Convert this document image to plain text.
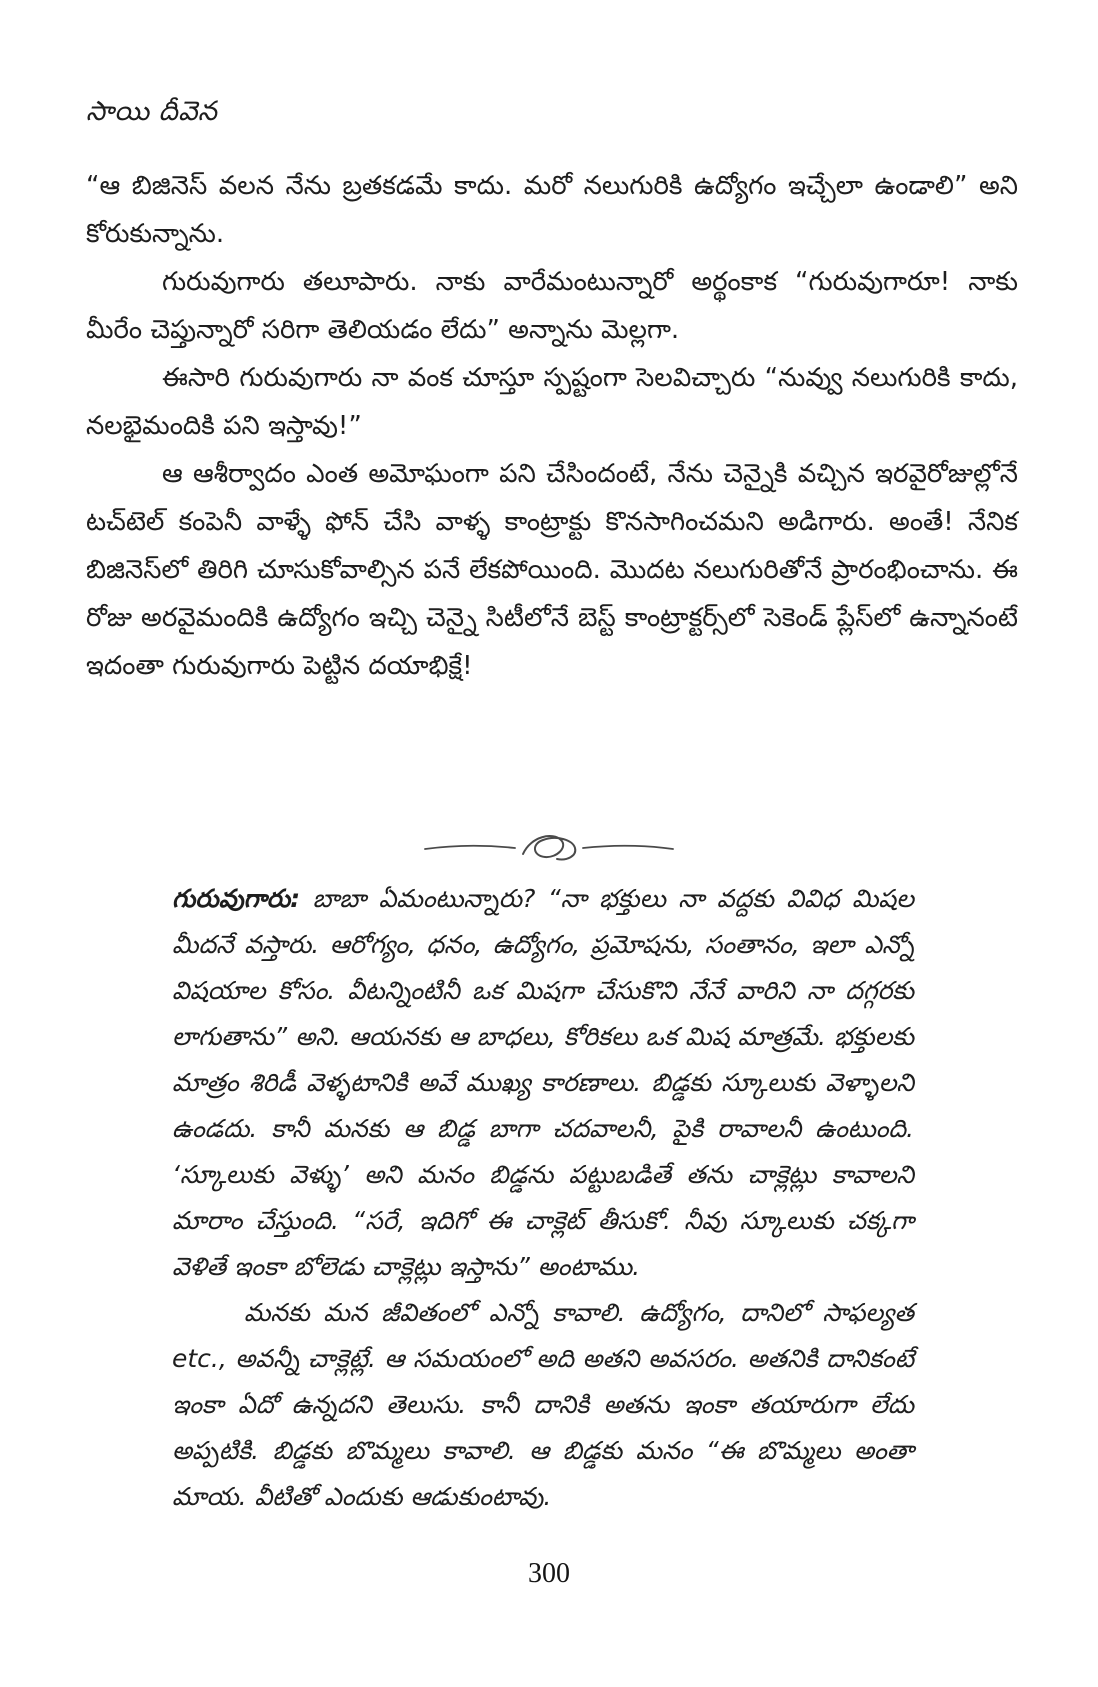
సాయి దీవెన

“ఆ బిజినెస్ వలన నేను బ్రతకడమే కాదు. మరో నలుగురికి ఉద్యోగం ఇచ్చేలా ఉండాలి” అని కోరుకున్నాను.

గురువుగారు తలూపారు. నాకు వారేమంటున్నారో అర్థంకాక “గురువుగారూ! నాకు మీరేం చెప్తున్నారో సరిగా తెలియడం లేదు” అన్నాను మెల్లగా.

ఈసారి గురువుగారు నా వంక చూస్తూ స్పష్టంగా సెలవిచ్చారు “నువ్వు నలుగురికి కాదు, నలభైమందికి పని ఇస్తావు!”

ఆ ఆశీర్వాదం ఎంత అమోఘంగా పని చేసిందంటే, నేను చెన్నైకి వచ్చిన ఇరవైరోజుల్లోనే టచ్‌టెల్ కంపెనీ వాళ్ళే ఫోన్ చేసి వాళ్ళ కాంట్రాక్టు కొనసాగించమని అడిగారు. అంతే! నేనిక బిజినెస్‌లో తిరిగి చూసుకోవాల్సిన పనే లేకపోయింది. మొదట నలుగురితోనే ప్రారంభించాను. ఈ రోజు అరవైమందికి ఉద్యోగం ఇచ్చి చెన్నై సిటీలోనే బెస్ట్ కాంట్రాక్టర్స్‌లో సెకెండ్ ప్లేస్‌లో ఉన్నానంటే ఇదంతా గురువుగారు పెట్టిన దయాభిక్షే!

గురువుగారు: బాబా ఏమంటున్నారు? “నా భక్తులు నా వద్దకు వివిధ మిషల మీదనే వస్తారు. ఆరోగ్యం, ధనం, ఉద్యోగం, ప్రమోషను, సంతానం, ఇలా ఎన్నో విషయాల కోసం. వీటన్నింటినీ ఒక మిషగా చేసుకొని నేనే వారిని నా దగ్గరకు లాగుతాను” అని. ఆయనకు ఆ బాధలు, కోరికలు ఒక మిష మాత్రమే. భక్తులకు మాత్రం శిరిడీ వెళ్ళటానికి అవే ముఖ్య కారణాలు. బిడ్డకు స్కూలుకు వెళ్ళాలని ఉండదు. కానీ మనకు ఆ బిడ్డ బాగా చదవాలనీ, పైకి రావాలనీ ఉంటుంది. ‘స్కూలుకు వెళ్ళు’ అని మనం బిడ్డను పట్టుబడితే తను చాక్లెట్లు కావాలని మారాం చేస్తుంది. “సరే, ఇదిగో ఈ చాక్లెట్ తీసుకో. నీవు స్కూలుకు చక్కగా వెళితే ఇంకా బోలెడు చాక్లెట్లు ఇస్తాను” అంటాము.

మనకు మన జీవితంలో ఎన్నో కావాలి. ఉద్యోగం, దానిలో సాఫల్యత etc., అవన్నీ చాక్లెట్లే. ఆ సమయంలో అది అతని అవసరం. అతనికి దానికంటే ఇంకా ఏదో ఉన్నదని తెలుసు. కానీ దానికి అతను ఇంకా తయారుగా లేదు అప్పటికి. బిడ్డకు బొమ్మలు కావాలి. ఆ బిడ్డకు మనం “ఈ బొమ్మలు అంతా మాయ. వీటితో ఎందుకు ఆడుకుంటావు.

300
